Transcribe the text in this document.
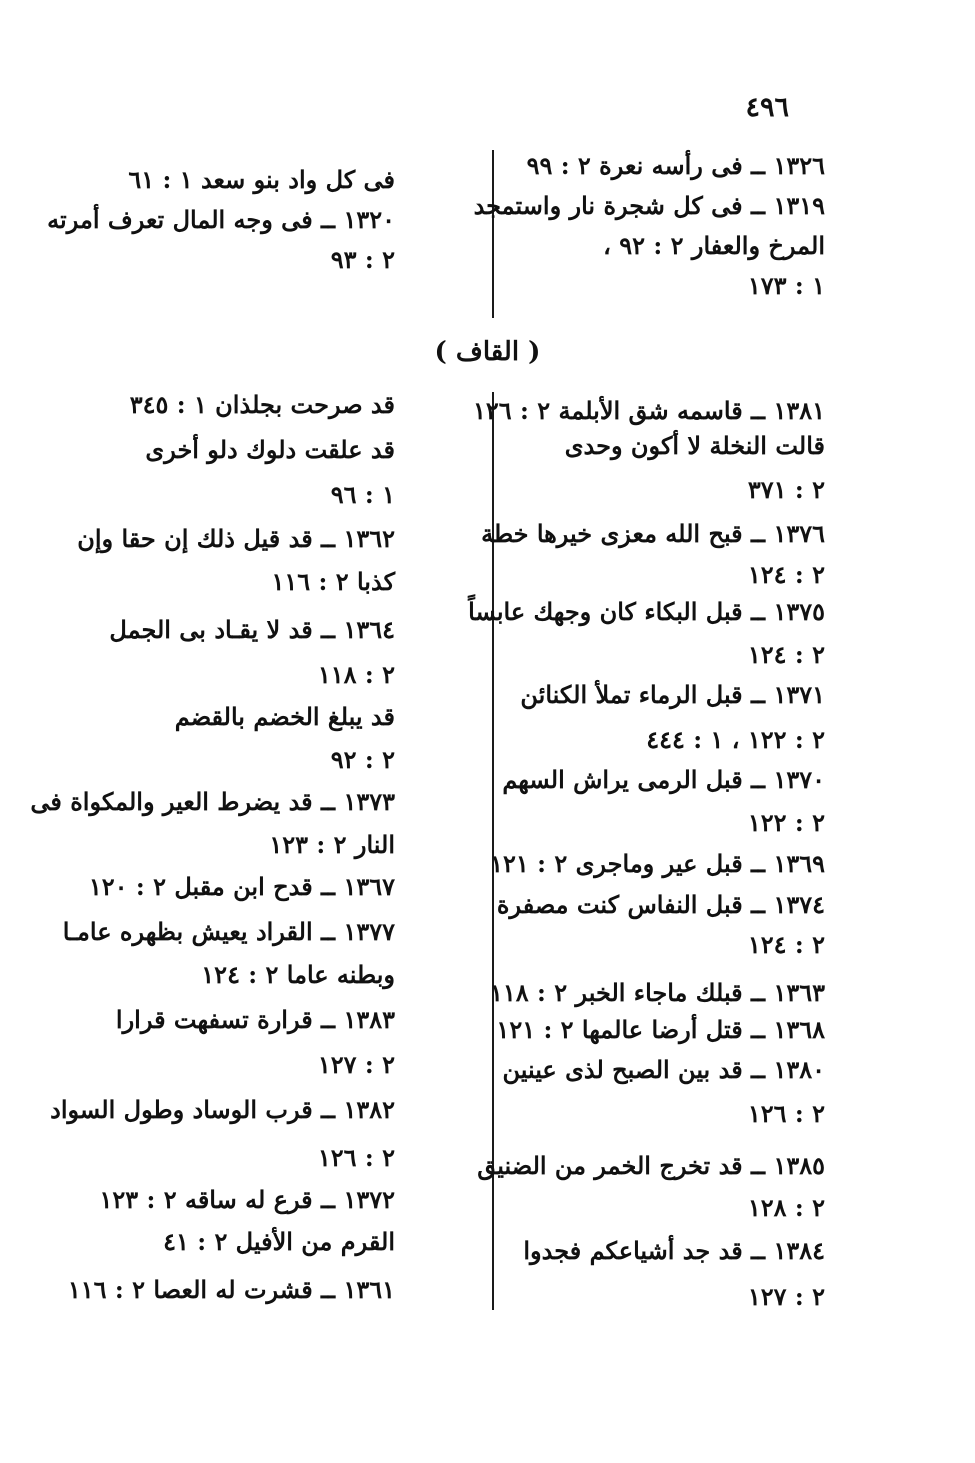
٤٩٦
١٣٢٦ ــ فى رأسه نعرة ٢ : ٩٩
١٣١٩ ــ فى كل شجرة نار واستمجد
المرخ والعفار ٢ : ٩٢ ،
١ : ١٧٣
فى كل واد بنو سعد ١ : ٦١
١٣٢٠ ــ فى وجه المال تعرف أمرته
٢ : ٩٣
( القاف )
١٣٨١ ــ قاسمه شق الأبلمة ٢ : ١٢٦
قالت النخلة لا أكون وحدى
٢ : ٣٧١
١٣٧٦ ــ قبح الله معزى خيرها خطة
٢ : ١٢٤
١٣٧٥ ــ قبل البكاء كان وجهك عابساً
٢ : ١٢٤
١٣٧١ ــ قبل الرماء تملأ الكنائن
٢ : ١٢٢ ، ١ : ٤٤٤
١٣٧٠ ــ قبل الرمى يراش السهم
٢ : ١٢٢
١٣٦٩ ــ قبل عير وماجرى ٢ : ١٢١
١٣٧٤ ــ قبل النفاس كنت مصفرة
٢ : ١٢٤
١٣٦٣ ــ قبلك ماجاء الخبر ٢ : ١١٨
١٣٦٨ ــ قتل أرضا عالمها ٢ : ١٢١
١٣٨٠ ــ قد بين الصبح لذى عينين
٢ : ١٢٦
١٣٨٥ ــ قد تخرج الخمر من الضنيق
٢ : ١٢٨
١٣٨٤ ــ قد جد أشياعكم فجدوا
٢ : ١٢٧
قد صرحت بجلذان ١ : ٣٤٥
قد علقت دلوك دلو أخرى
١ : ٩٦
١٣٦٢ ــ قد قيل ذلك إن حقا وإن
كذبا ٢ : ١١٦
١٣٦٤ ــ قد لا يقـاد بى الجمل
٢ : ١١٨
قد يبلغ الخضم بالقضم
٢ : ٩٢
١٣٧٣ ــ قد يضرط العير والمكواة فى
النار ٢ : ١٢٣
١٣٦٧ ــ قدح ابن مقبل ٢ : ١٢٠
١٣٧٧ ــ القراد يعيش بظهره عامـا
وبطنه عاما ٢ : ١٢٤
١٣٨٣ ــ قرارة تسفهت قرارا
٢ : ١٢٧
١٣٨٢ ــ قرب الوساد وطول السواد
٢ : ١٢٦
١٣٧٢ ــ قرع له ساقه ٢ : ١٢٣
القرم من الأفيل ٢ : ٤١
١٣٦١ ــ قشرت له العصا ٢ : ١١٦
